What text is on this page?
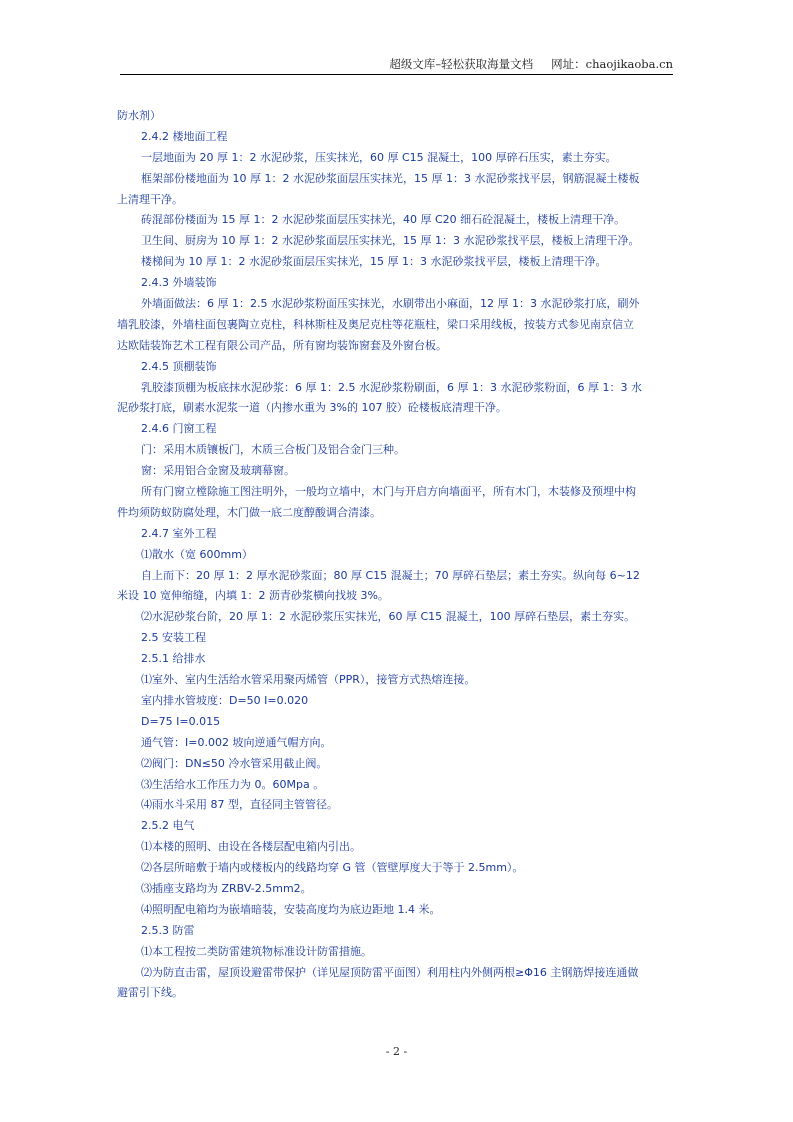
超级文库–轻松获取海量文档 网址：chaojikaoba.cn
防水剂）
2.4.2 楼地面工程
一层地面为 20 厚 1：2 水泥砂浆，压实抹光，60 厚 C15 混凝土，100 厚碎石压实，素土夯实。
框架部份楼地面为 10 厚 1：2 水泥砂浆面层压实抹光，15 厚 1：3 水泥砂浆找平层，钢筋混凝土楼板
上清理干净。
砖混部份楼面为 15 厚 1：2 水泥砂浆面层压实抹光，40 厚 C20 细石砼混凝土，楼板上清理干净。
卫生间、厨房为 10 厚 1：2 水泥砂浆面层压实抹光，15 厚 1：3 水泥砂浆找平层，楼板上清理干净。
楼梯间为 10 厚 1：2 水泥砂浆面层压实抹光，15 厚 1：3 水泥砂浆找平层，楼板上清理干净。
2.4.3 外墙装饰
外墙面做法：6 厚 1：2.5 水泥砂浆粉面压实抹光，水刷带出小麻面，12 厚 1：3 水泥砂浆打底，刷外
墙乳胶漆，外墙柱面包裹陶立克柱，科林斯柱及奥尼克柱等花瓶柱，梁口采用线板，按装方式参见南京信立
达欧陆装饰艺术工程有限公司产品，所有窗均装饰窗套及外窗台板。
2.4.5 顶棚装饰
乳胶漆顶棚为板底抹水泥砂浆：6 厚 1：2.5 水泥砂浆粉刷面，6 厚 1：3 水泥砂浆粉面，6 厚 1：3 水
泥砂浆打底，刷素水泥浆一道（内掺水重为 3%的 107 胶）砼楼板底清理干净。
2.4.6 门窗工程
门：采用木质镶板门，木质三合板门及铝合金门三种。
窗：采用铝合金窗及玻璃幕窗。
所有门窗立樘除施工图注明外，一般均立墙中，木门与开启方向墙面平，所有木门，木装修及预埋中构
件均须防蚁防腐处理，木门做一底二度醇酸调合清漆。
2.4.7 室外工程
⑴散水（宽 600mm）
自上而下：20 厚 1：2 厚水泥砂浆面；80 厚 C15 混凝土；70 厚碎石垫层；素土夯实。纵向每 6~12
米设 10 宽伸缩缝，内填 1：2 沥青砂浆横向找坡 3%。
⑵水泥砂浆台阶，20 厚 1：2 水泥砂浆压实抹光，60 厚 C15 混凝土，100 厚碎石垫层，素土夯实。
2.5 安装工程
2.5.1 给排水
⑴室外、室内生活给水管采用聚丙烯管（PPR），接管方式热熔连接。
室内排水管坡度：D=50 I=0.020
D=75 I=0.015
通气管：I=0.002 坡向逆通气帽方向。
⑵阀门：DN≤50 冷水管采用截止阀。
⑶生活给水工作压力为 0。60Mpa 。
⑷雨水斗采用 87 型，直径同主管管径。
2.5.2 电气
⑴本楼的照明、由设在各楼层配电箱内引出。
⑵各层所暗敷于墙内或楼板内的线路均穿 G 管（管壁厚度大于等于 2.5mm）。
⑶插座支路均为 ZRBV-2.5mm2。
⑷照明配电箱均为嵌墙暗装，安装高度均为底边距地 1.4 米。
2.5.3 防雷
⑴本工程按二类防雷建筑物标准设计防雷措施。
⑵为防直击雷，屋顶设避雷带保护（详见屋顶防雷平面图）利用柱内外侧两根≥Φ16 主钢筋焊接连通做
避雷引下线。
- 2 -
